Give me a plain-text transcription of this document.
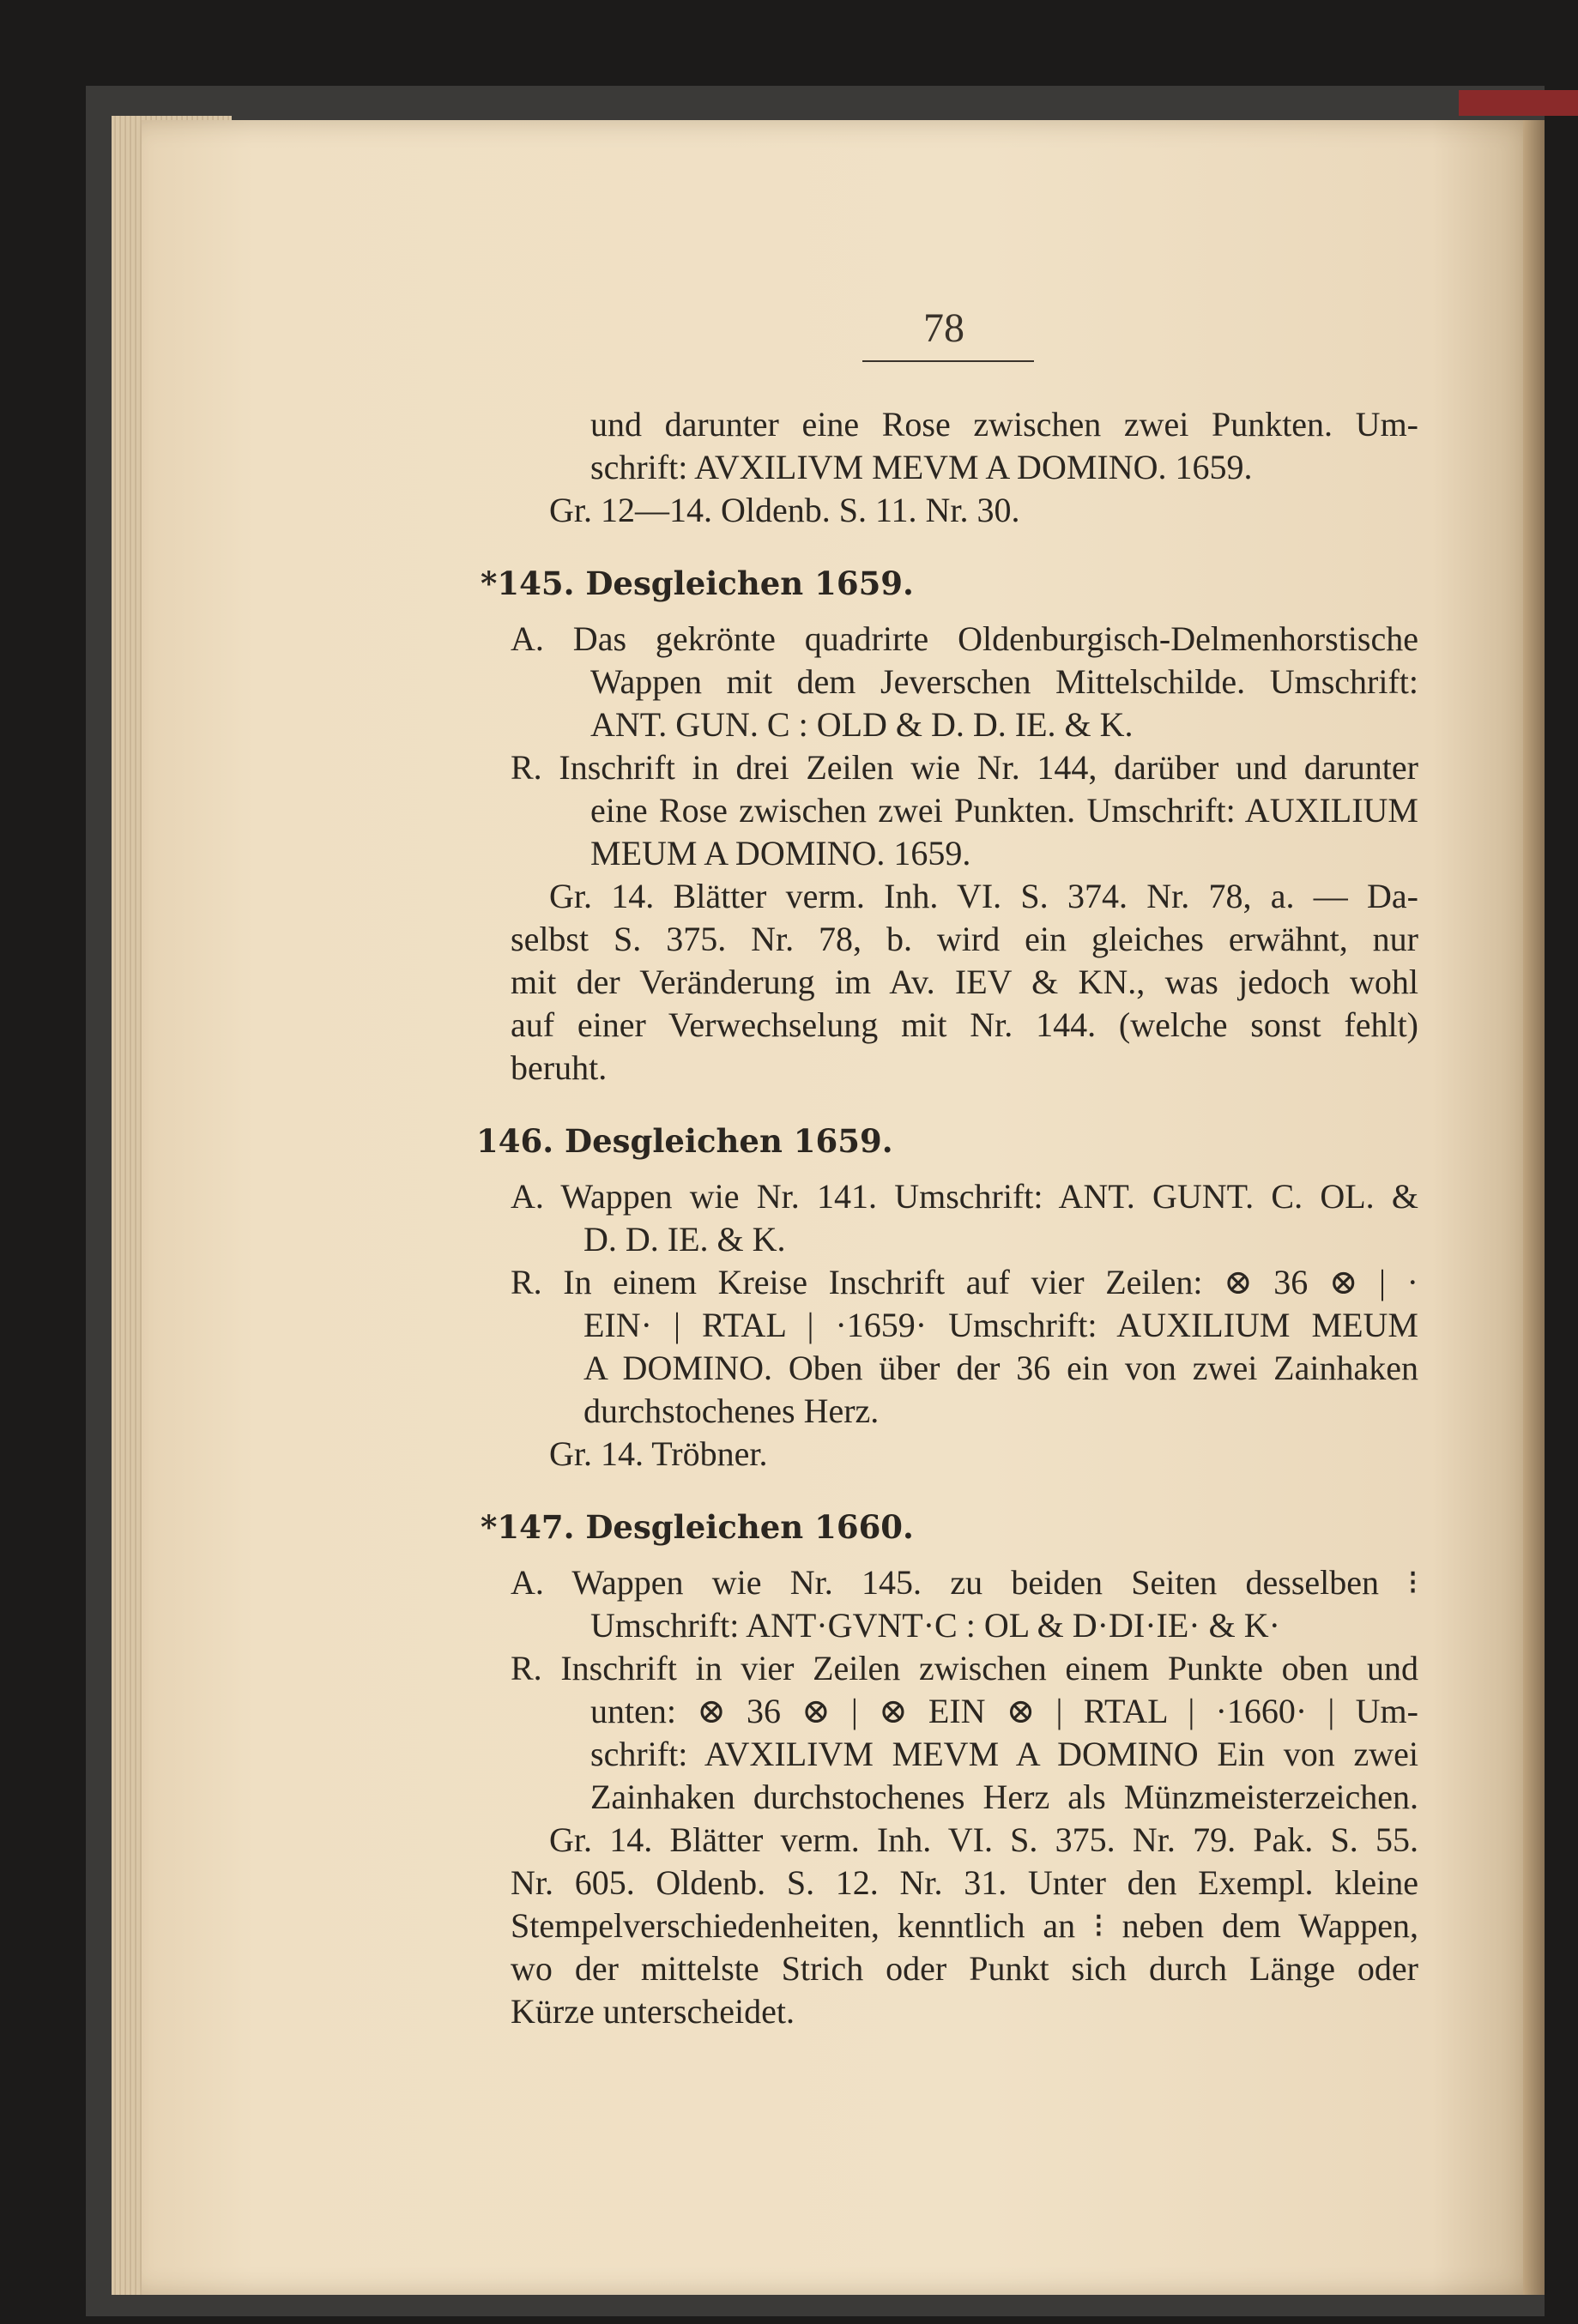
78
und darunter eine Rose zwischen zwei Punkten. Um-
schrift: AVXILIVM MEVM A DOMINO. 1659.
Gr. 12—14. Oldenb. S. 11. Nr. 30.
*145. Desgleichen 1659.
A. Das gekrönte quadrirte Oldenburgisch-Delmenhorstische
Wappen mit dem Jeverschen Mittelschilde. Umschrift:
ANT. GUN. C : OLD & D. D. IE. & K.
R. Inschrift in drei Zeilen wie Nr. 144, darüber und darunter
eine Rose zwischen zwei Punkten. Umschrift: AUXILIUM
MEUM A DOMINO. 1659.
Gr. 14. Blätter verm. Inh. VI. S. 374. Nr. 78, a. — Da-
selbst S. 375. Nr. 78, b. wird ein gleiches erwähnt, nur
mit der Veränderung im Av. IEV & KN., was jedoch wohl
auf einer Verwechselung mit Nr. 144. (welche sonst fehlt)
beruht.
146. Desgleichen 1659.
A. Wappen wie Nr. 141. Umschrift: ANT. GUNT. C. OL. &
D. D. IE. & K.
R. In einem Kreise Inschrift auf vier Zeilen: ⊗ 36 ⊗ | ·
EIN· | RTAL | ·1659· Umschrift: AUXILIUM MEUM
A DOMINO. Oben über der 36 ein von zwei Zainhaken
durchstochenes Herz.
Gr. 14. Tröbner.
*147. Desgleichen 1660.
A. Wappen wie Nr. 145. zu beiden Seiten desselben ⁝
Umschrift: ANT·GVNT·C : OL & D·DI·IE· & K·
R. Inschrift in vier Zeilen zwischen einem Punkte oben und
unten: ⊗ 36 ⊗ | ⊗ EIN ⊗ | RTAL | ·1660· | Um-
schrift: AVXILIVM MEVM A DOMINO Ein von zwei
Zainhaken durchstochenes Herz als Münzmeisterzeichen.
Gr. 14. Blätter verm. Inh. VI. S. 375. Nr. 79. Pak. S. 55.
Nr. 605. Oldenb. S. 12. Nr. 31. Unter den Exempl. kleine
Stempelverschiedenheiten, kenntlich an ⁝ neben dem Wappen,
wo der mittelste Strich oder Punkt sich durch Länge oder
Kürze unterscheidet.
